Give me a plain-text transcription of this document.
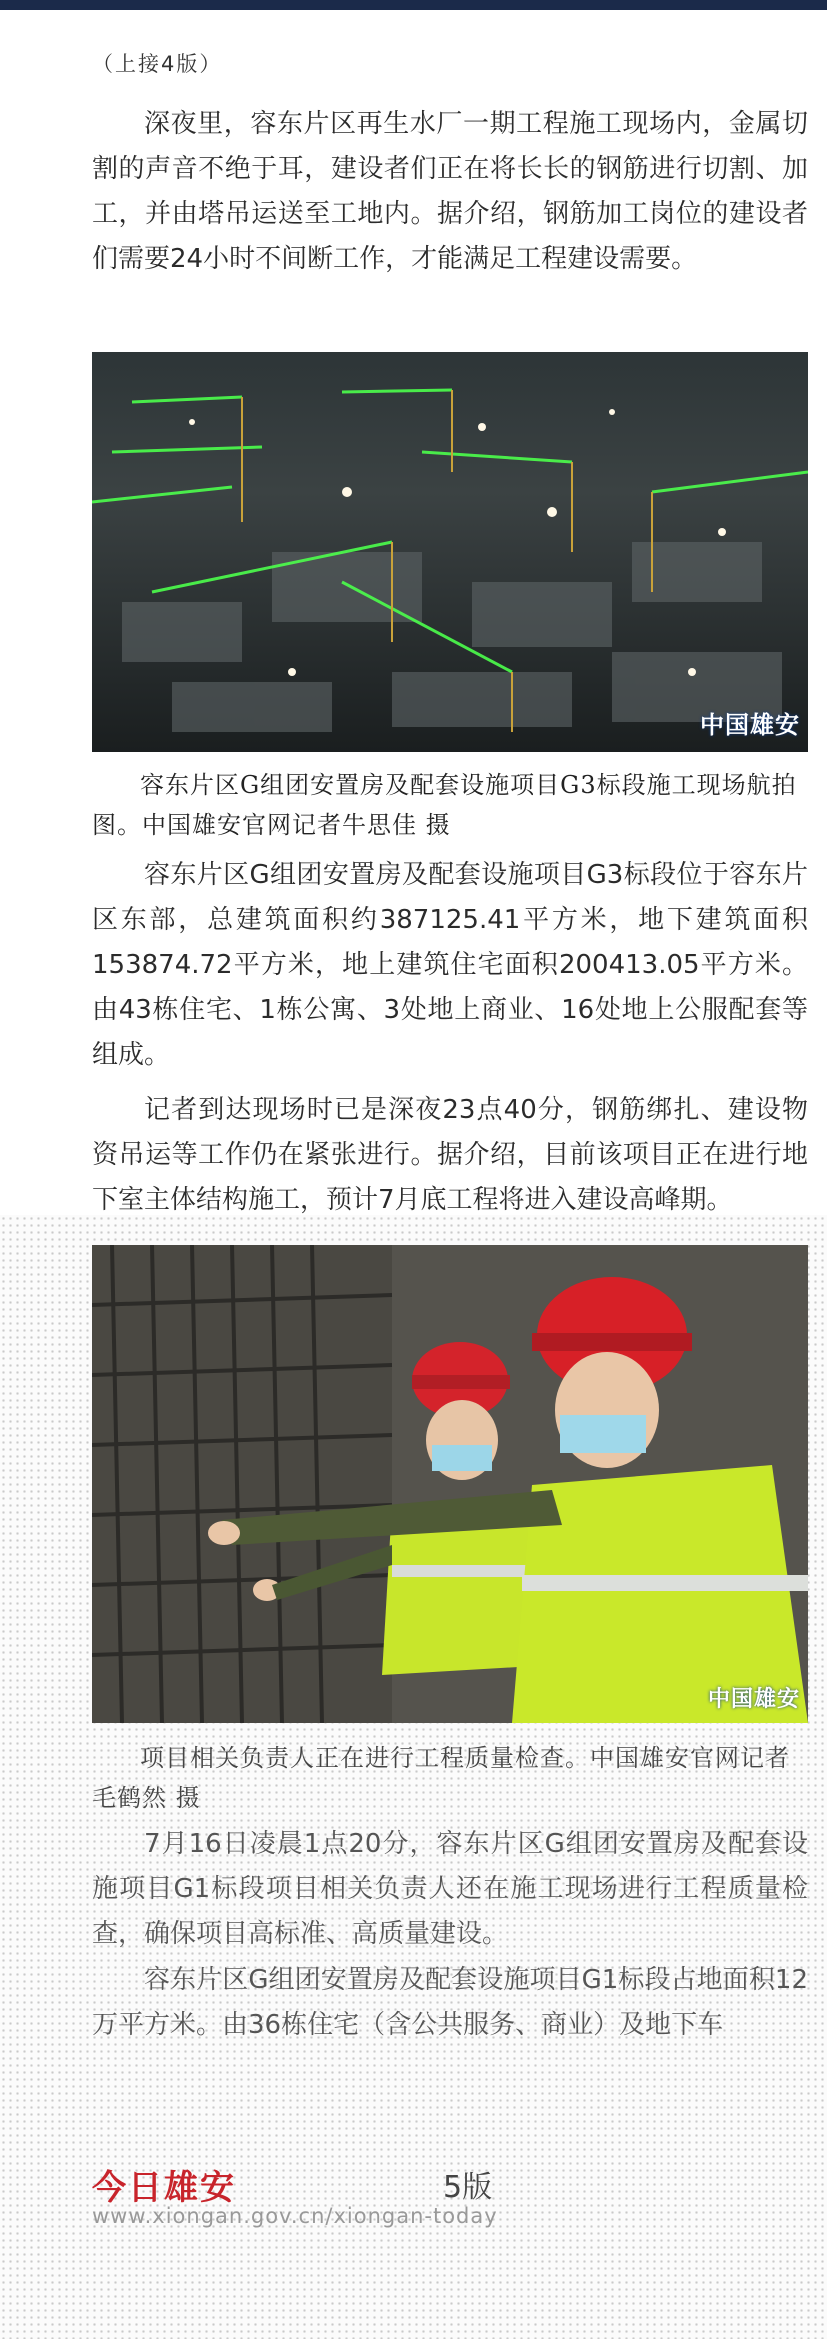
（上接4版）

深夜里，容东片区再生水厂一期工程施工现场内，金属切割的声音不绝于耳，建设者们正在将长长的钢筋进行切割、加工，并由塔吊运送至工地内。据介绍，钢筋加工岗位的建设者们需要24小时不间断工作，才能满足工程建设需要。

中国雄安

容东片区G组团安置房及配套设施项目G3标段施工现场航拍图。中国雄安官网记者牛思佳 摄

容东片区G组团安置房及配套设施项目G3标段位于容东片区东部，总建筑面积约387125.41平方米，地下建筑面积153874.72平方米，地上建筑住宅面积200413.05平方米。由43栋住宅、1栋公寓、3处地上商业、16处地上公服配套等组成。

记者到达现场时已是深夜23点40分，钢筋绑扎、建设物资吊运等工作仍在紧张进行。据介绍，目前该项目正在进行地下室主体结构施工，预计7月底工程将进入建设高峰期。

中国雄安

项目相关负责人正在进行工程质量检查。中国雄安官网记者毛鹤然 摄

7月16日凌晨1点20分，容东片区G组团安置房及配套设施项目G1标段项目相关负责人还在施工现场进行工程质量检查，确保项目高标准、高质量建设。

容东片区G组团安置房及配套设施项目G1标段占地面积12万平方米。由36栋住宅（含公共服务、商业）及地下车

今日雄安	5版
www.xiongan.gov.cn/xiongan-today
